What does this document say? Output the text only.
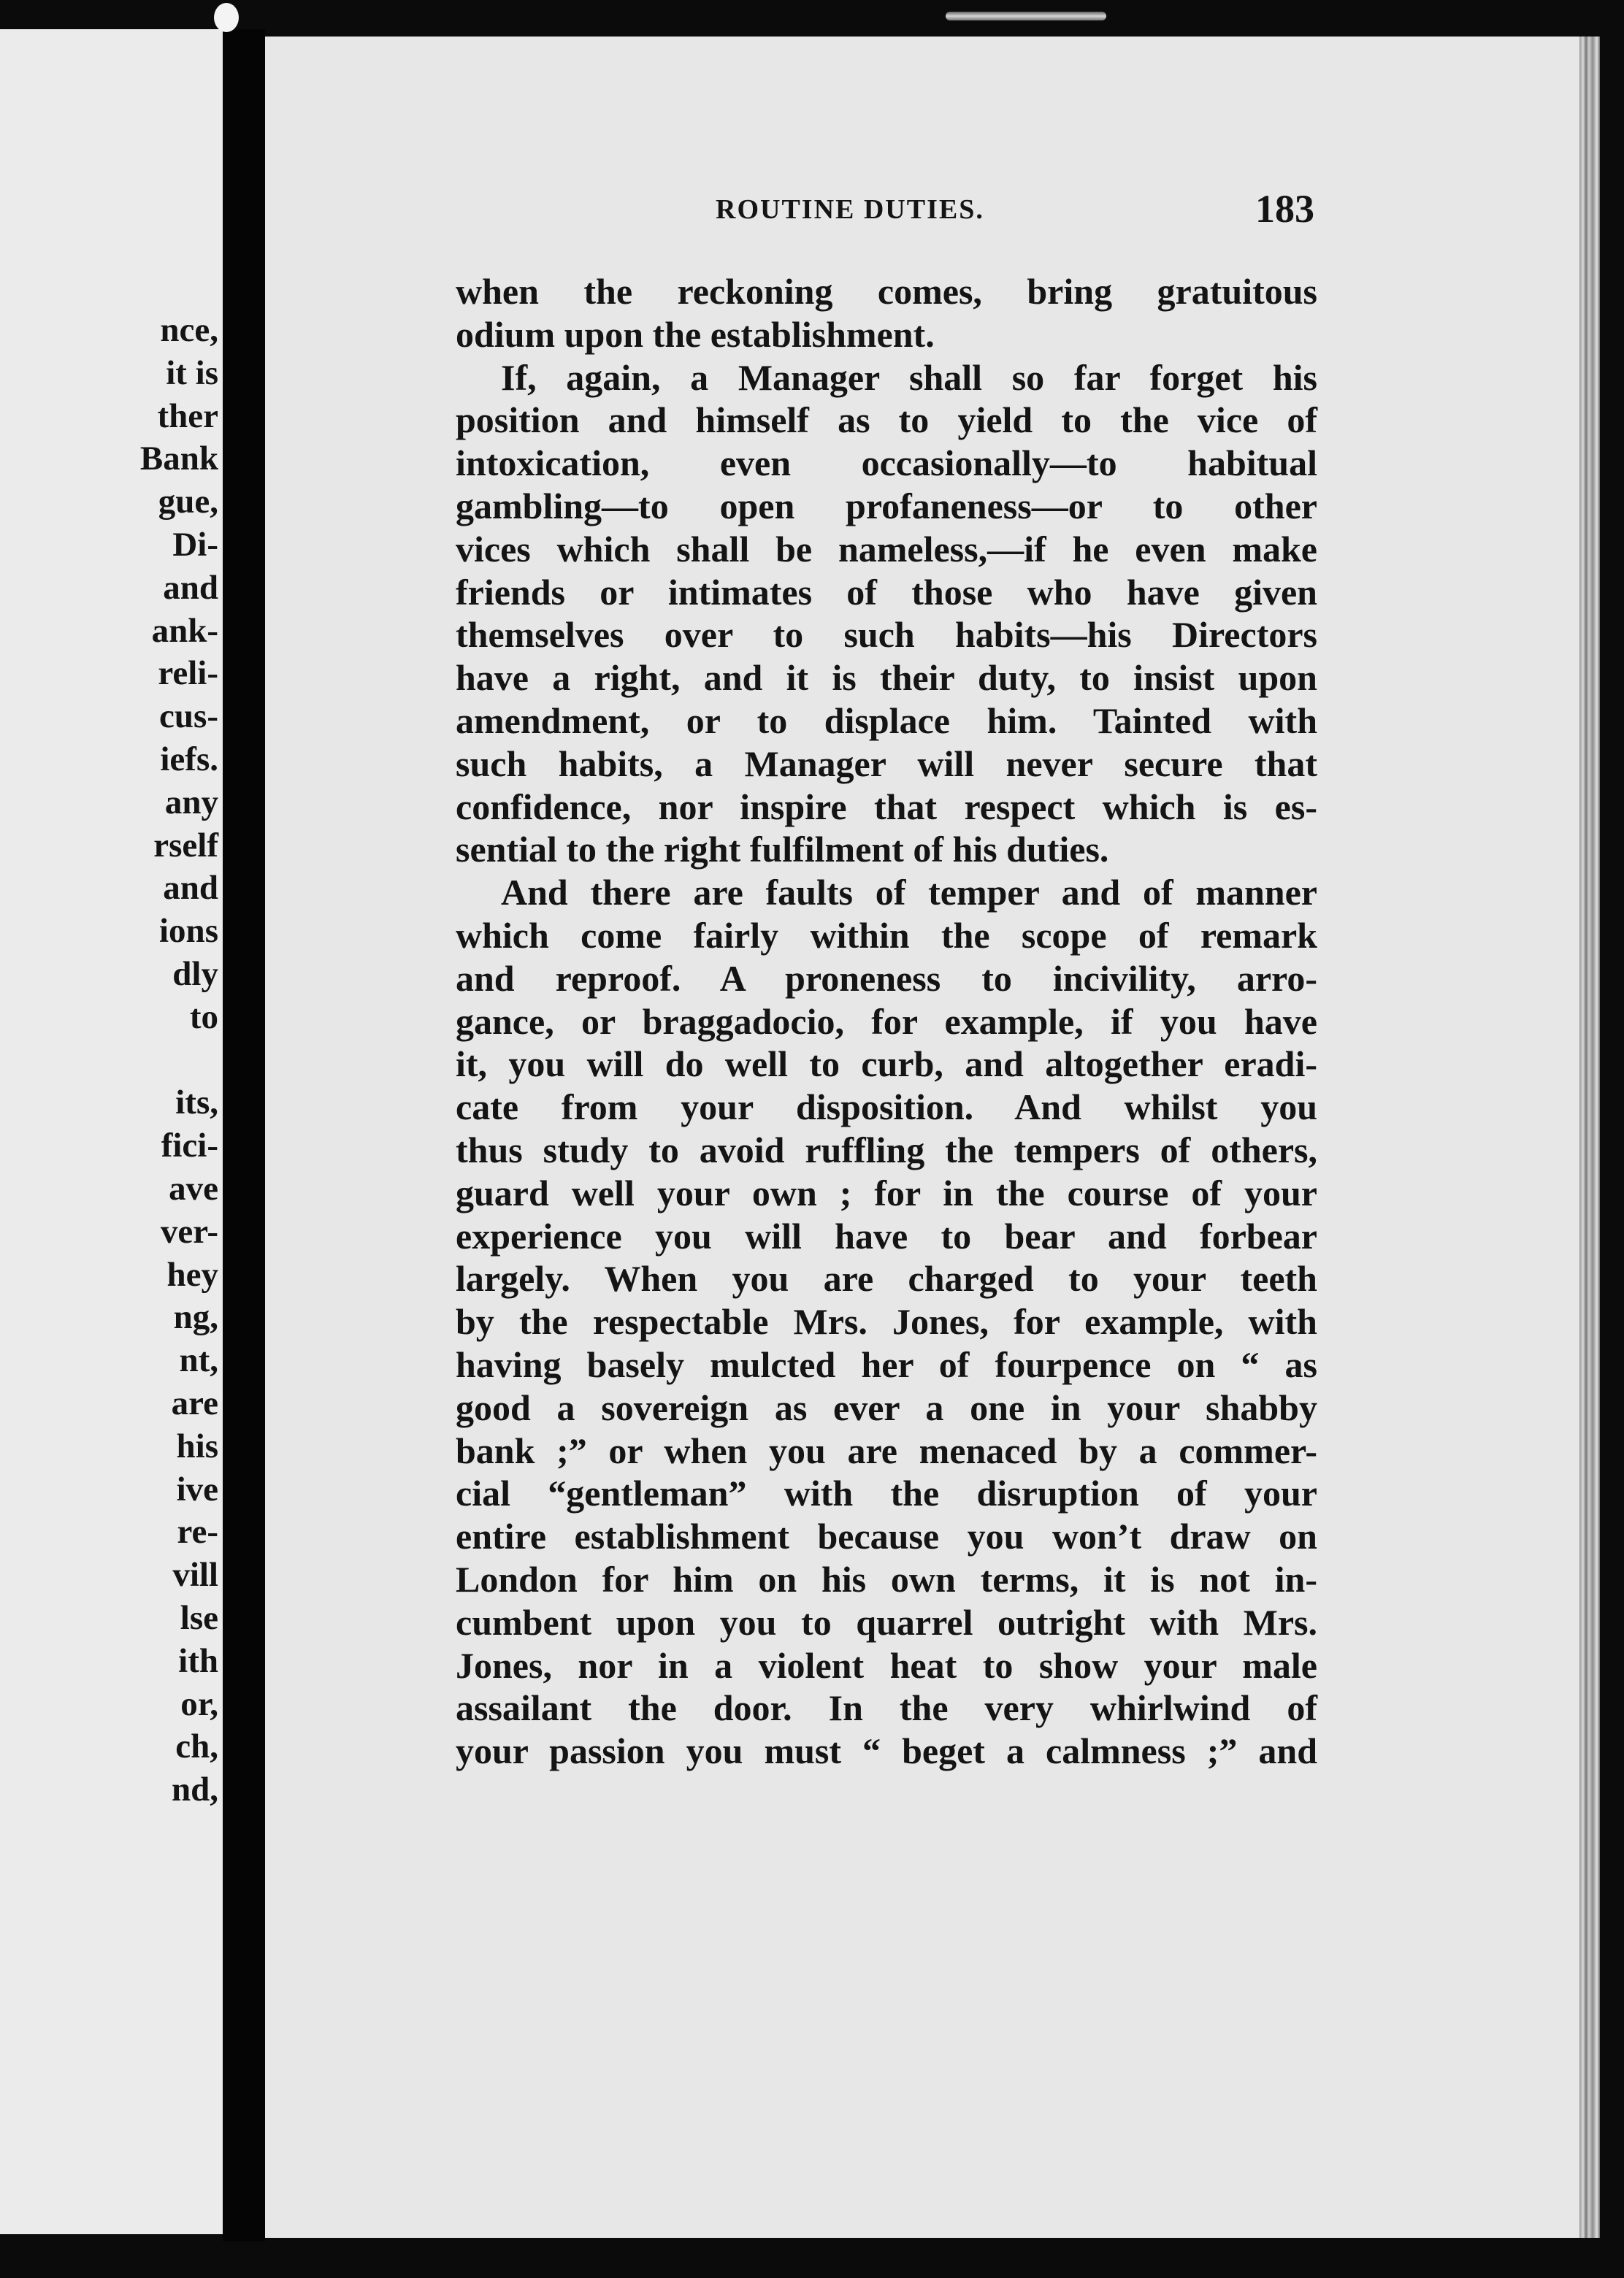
nce,
it is
ther
Bank
gue,
Di-
and
ank-
reli-
cus-
iefs.
any
rself
and
ions
dly
to

its,
fici-
ave
ver-
hey
ng,
nt,
are
his
ive
re-
vill
lse
ith
or,
ch,
nd,
ROUTINE DUTIES.	183
when the reckoning comes, bring gratuitous
odium upon the establishment.
If, again, a Manager shall so far forget his
position and himself as to yield to the vice of
intoxication, even occasionally—to habitual
gambling—to open profaneness—or to other
vices which shall be nameless,—if he even make
friends or intimates of those who have given
themselves over to such habits—his Directors
have a right, and it is their duty, to insist upon
amendment, or to displace him. Tainted with
such habits, a Manager will never secure that
confidence, nor inspire that respect which is es-
sential to the right fulfilment of his duties.
And there are faults of temper and of manner
which come fairly within the scope of remark
and reproof. A proneness to incivility, arro-
gance, or braggadocio, for example, if you have
it, you will do well to curb, and altogether eradi-
cate from your disposition. And whilst you
thus study to avoid ruffling the tempers of others,
guard well your own ; for in the course of your
experience you will have to bear and forbear
largely. When you are charged to your teeth
by the respectable Mrs. Jones, for example, with
having basely mulcted her of fourpence on “ as
good a sovereign as ever a one in your shabby
bank ;” or when you are menaced by a commer-
cial “gentleman” with the disruption of your
entire establishment because you won’t draw on
London for him on his own terms, it is not in-
cumbent upon you to quarrel outright with Mrs.
Jones, nor in a violent heat to show your male
assailant the door. In the very whirlwind of
your passion you must “ beget a calmness ;” and
